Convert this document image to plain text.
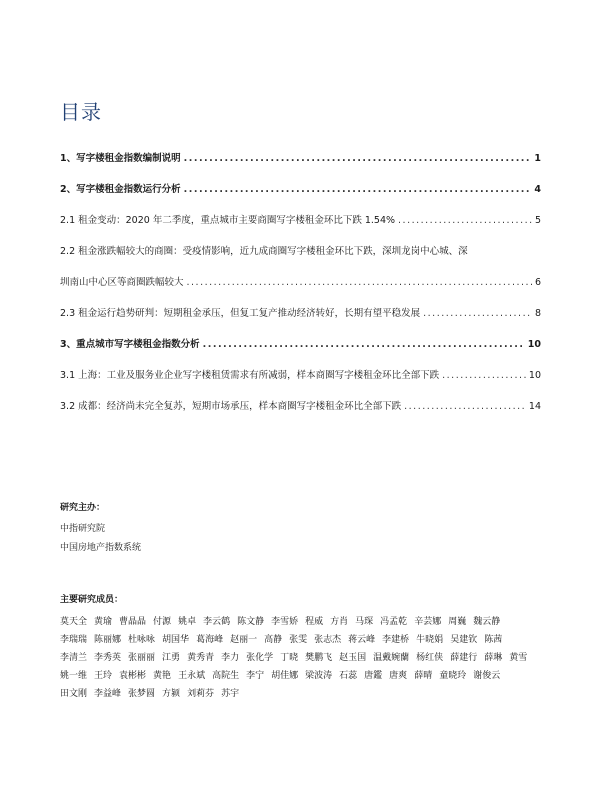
目录
1、写字楼租金指数编制说明 .....	1
2、写字楼租金指数运行分析 .....	4
2.1 租金变动：2020 年二季度，重点城市主要商圈写字楼租金环比下跌 1.54% .....	5
2.2 租金涨跌幅较大的商圈：受疫情影响，近九成商圈写字楼租金环比下跌，深圳龙岗中心城、深
圳南山中心区等商圈跌幅较大 .....	6
2.3 租金运行趋势研判：短期租金承压，但复工复产推动经济转好，长期有望平稳发展 .....	8
3、重点城市写字楼租金指数分析 .....	10
3.1 上海：工业及服务业企业写字楼租赁需求有所减弱，样本商圈写字楼租金环比全部下跌 .....	10
3.2 成都：经济尚未完全复苏，短期市场承压，样本商圈写字楼租金环比全部下跌 .....	14
研究主办：
中指研究院
中国房地产指数系统
主要研究成员：
莫天全 黄瑜 曹晶晶 付源 姚卓 李云鹤 陈文静 李雪娇 程威 方肖 马琛 冯孟乾 辛芸娜 周巍 魏云静李瑞瑞 陈丽娜 杜咏咏 胡国华 葛海峰 赵丽一 高静 张雯 张志杰 蒋云峰 李建桥 牛晓娟 吴建钦 陈茜李清兰 李秀英 张丽丽 江勇 黄秀青 李力 张化学 丁晓 樊鹏飞 赵玉国 温戴婉蘭 杨红侠 薛建行 薛琳 黄雪姚一维 王玲 袁彬彬 黄艳 王永斌 高院生 李宁 胡佳娜 梁波涛 石蕊 唐鑑 唐爽 薛晴 童晓玲 谢俊云田文刚 李益峰 张梦圆 方颍 刘莉芬 苏宇
